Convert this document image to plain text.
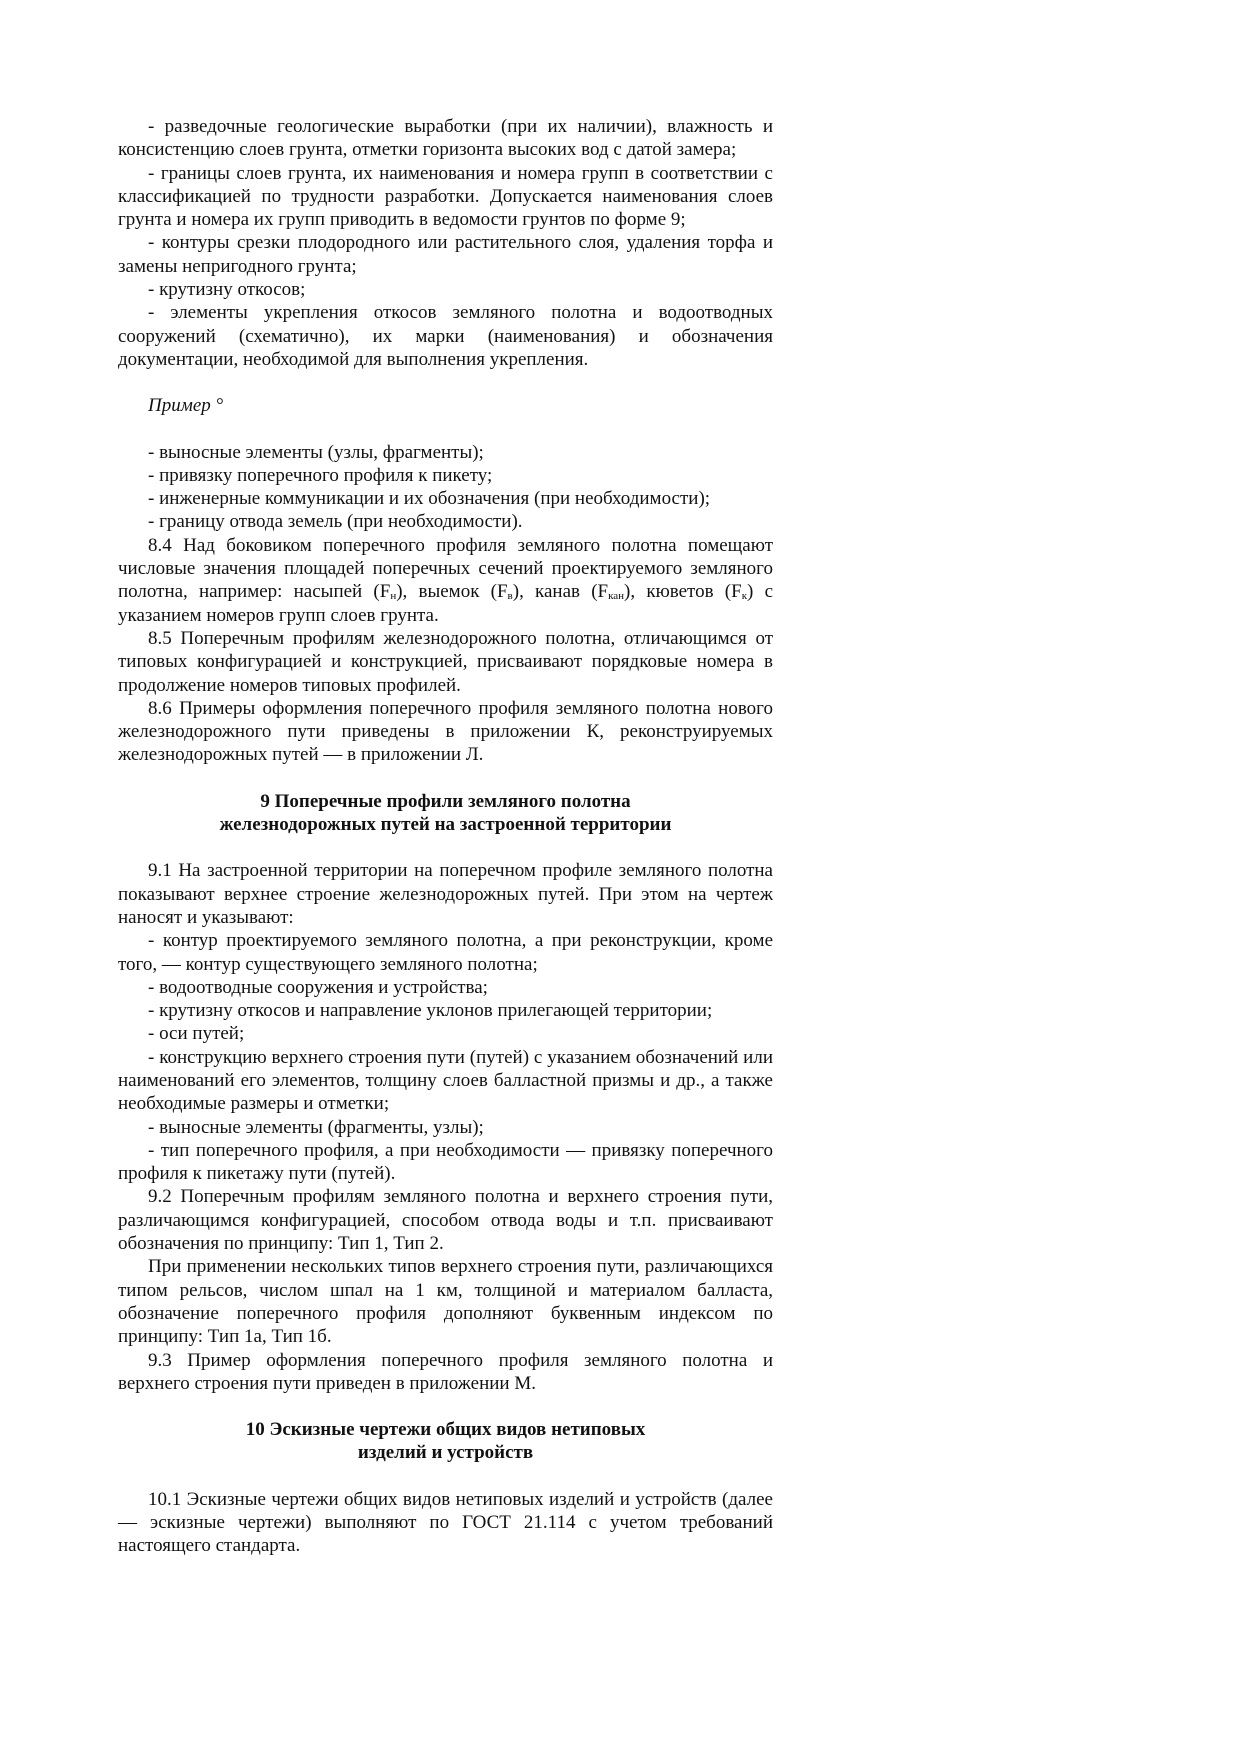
- разведочные геологические выработки (при их наличии), влажность и консистенцию слоев грунта, отметки горизонта высоких вод с датой замера;

- границы слоев грунта, их наименования и номера групп в соответствии с классификацией по трудности разработки. Допускается наименования слоев грунта и номера их групп приводить в ведомости грунтов по форме 9;

- контуры срезки плодородного или растительного слоя, удаления торфа и замены непригодного грунта;

- крутизну откосов;

- элементы укрепления откосов земляного полотна и водоотводных сооружений (схематично), их марки (наименования) и обозначения документации, необходимой для выполнения укрепления.

Пример °

- выносные элементы (узлы, фрагменты);

- привязку поперечного профиля к пикету;

- инженерные коммуникации и их обозначения (при необходимости);

- границу отвода земель (при необходимости).

8.4 Над боковиком поперечного профиля земляного полотна помещают числовые значения площадей поперечных сечений проектируемого земляного полотна, например: насыпей $(F_н)$, выемок $(F_в)$, канав $(F_{кан})$, кюветов $(F_к)$ с указанием номеров групп слоев грунта.

8.5 Поперечным профилям железнодорожного полотна, отличающимся от типовых конфигурацией и конструкцией, присваивают порядковые номера в продолжение номеров типовых профилей.

8.6 Примеры оформления поперечного профиля земляного полотна нового железнодорожного пути приведены в приложении К, реконструируемых железнодорожных путей — в приложении Л.

9 Поперечные профили земляного полотна
железнодорожных путей на застроенной территории

9.1 На застроенной территории на поперечном профиле земляного полотна показывают верхнее строение железнодорожных путей. При этом на чертеж наносят и указывают:

- контур проектируемого земляного полотна, а при реконструкции, кроме того, — контур существующего земляного полотна;

- водоотводные сооружения и устройства;

- крутизну откосов и направление уклонов прилегающей территории;

- оси путей;

- конструкцию верхнего строения пути (путей) с указанием обозначений или наименований его элементов, толщину слоев балластной призмы и др., а также необходимые размеры и отметки;

- выносные элементы (фрагменты, узлы);

- тип поперечного профиля, а при необходимости — привязку поперечного профиля к пикетажу пути (путей).

9.2 Поперечным профилям земляного полотна и верхнего строения пути, различающимся конфигурацией, способом отвода воды и т.п. присваивают обозначения по принципу: Тип 1, Тип 2.

При применении нескольких типов верхнего строения пути, различающихся типом рельсов, числом шпал на 1 км, толщиной и материалом балласта, обозначение поперечного профиля дополняют буквенным индексом по принципу: Тип 1а, Тип 1б.

9.3 Пример оформления поперечного профиля земляного полотна и верхнего строения пути приведен в приложении М.

10 Эскизные чертежи общих видов нетиповых
изделий и устройств

10.1 Эскизные чертежи общих видов нетиповых изделий и устройств (далее — эскизные чертежи) выполняют по ГОСТ 21.114 с учетом требований настоящего стандарта.
